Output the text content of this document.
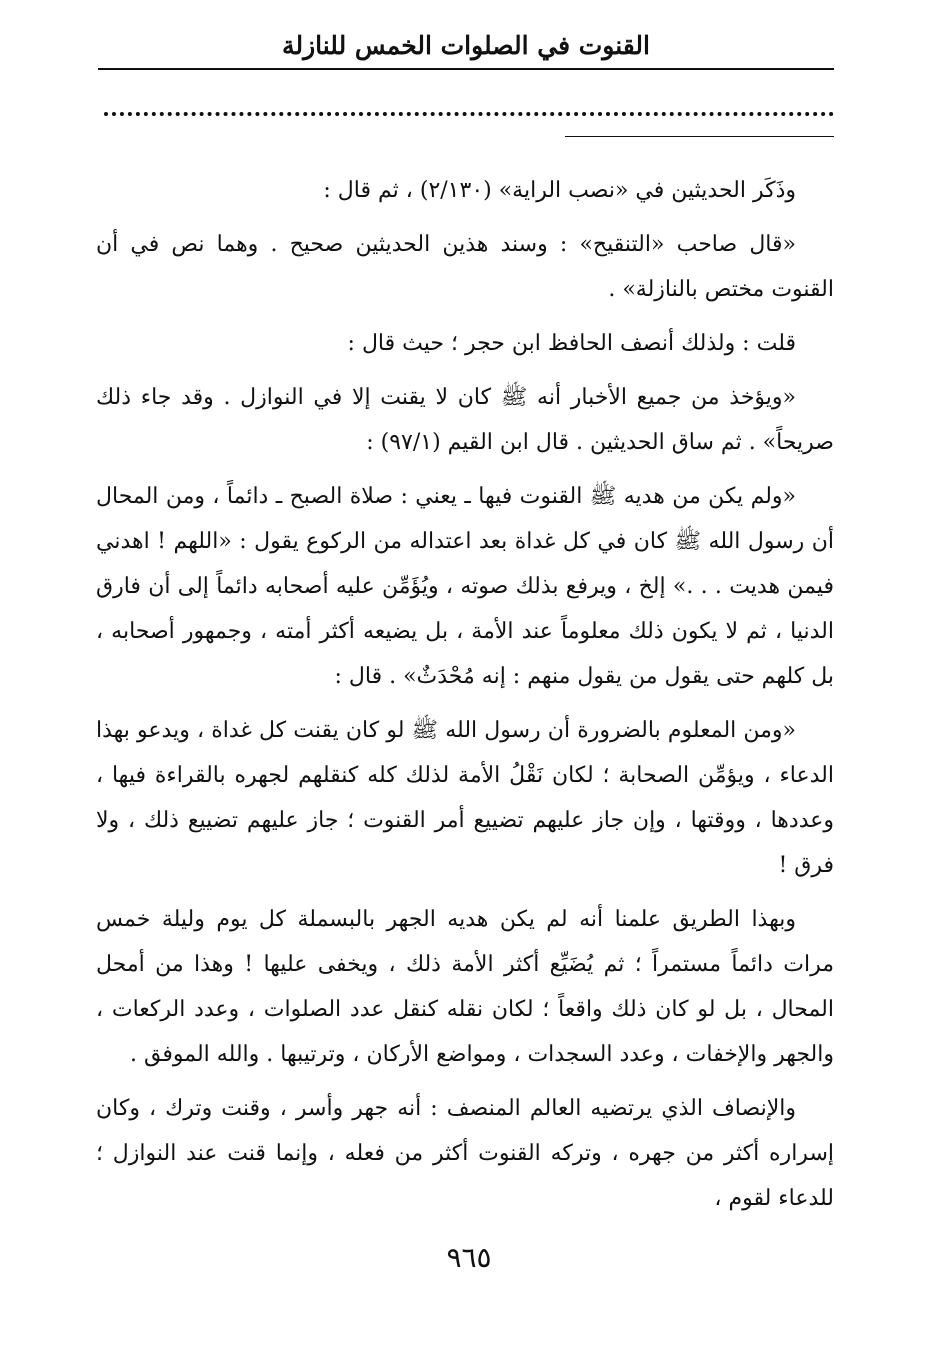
القنوت في الصلوات الخمس للنازلة

وذَكَر الحديثين في «نصب الراية» (٢/١٣٠) ، ثم قال :

«قال صاحب «التنقيح» : وسند هذين الحديثين صحيح . وهما نص في أن القنوت مختص بالنازلة» .

قلت : ولذلك أنصف الحافظ ابن حجر ؛ حيث قال :

«ويؤخذ من جميع الأخبار أنه ﷺ كان لا يقنت إلا في النوازل . وقد جاء ذلك صريحاً» . ثم ساق الحديثين . قال ابن القيم (٩٧/١) :

«ولم يكن من هديه ﷺ القنوت فيها ـ يعني : صلاة الصبح ـ دائماً ، ومن المحال أن رسول الله ﷺ كان في كل غداة بعد اعتداله من الركوع يقول : «اللهم ! اهدني فيمن هديت . . .» إلخ ، ويرفع بذلك صوته ، ويُؤَمِّن عليه أصحابه دائماً إلى أن فارق الدنيا ، ثم لا يكون ذلك معلوماً عند الأمة ، بل يضيعه أكثر أمته ، وجمهور أصحابه ، بل كلهم حتى يقول من يقول منهم : إنه مُحْدَثٌ» . قال :

«ومن المعلوم بالضرورة أن رسول الله ﷺ لو كان يقنت كل غداة ، ويدعو بهذا الدعاء ، ويؤمِّن الصحابة ؛ لكان نَقْلُ الأمة لذلك كله كنقلهم لجهره بالقراءة فيها ، وعددها ، ووقتها ، وإن جاز عليهم تضييع أمر القنوت ؛ جاز عليهم تضييع ذلك ، ولا فرق !

وبهذا الطريق علمنا أنه لم يكن هديه الجهر بالبسملة كل يوم وليلة خمس مرات دائماً مستمراً ؛ ثم يُضَيِّع أكثر الأمة ذلك ، ويخفى عليها ! وهذا من أمحل المحال ، بل لو كان ذلك واقعاً ؛ لكان نقله كنقل عدد الصلوات ، وعدد الركعات ، والجهر والإخفات ، وعدد السجدات ، ومواضع الأركان ، وترتيبها . والله الموفق .

والإنصاف الذي يرتضيه العالم المنصف : أنه جهر وأسر ، وقنت وترك ، وكان إسراره أكثر من جهره ، وتركه القنوت أكثر من فعله ، وإنما قنت عند النوازل ؛ للدعاء لقوم ،

٩٦٥
